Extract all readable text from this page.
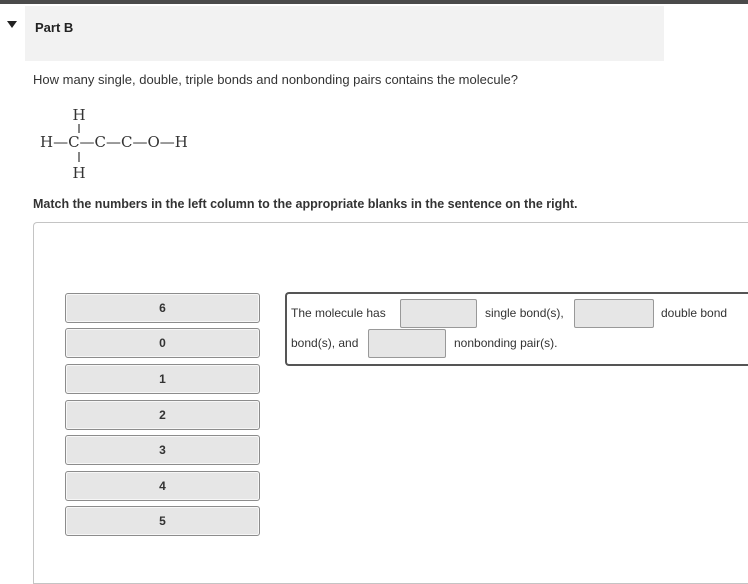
Part B
How many single, double, triple bonds and nonbonding pairs contains the molecule?
H
H—C—C—C—O—H
H
Match the numbers in the left column to the appropriate blanks in the sentence on the right.
6
0
1
2
3
4
5
The molecule has	single bond(s),	double bond
bond(s), and	nonbonding pair(s).
